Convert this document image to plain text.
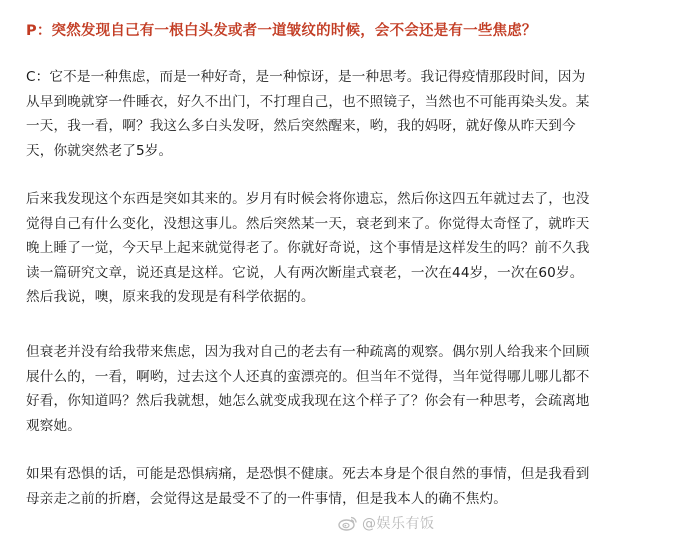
P：突然发现自己有一根白头发或者一道皱纹的时候，会不会还是有一些焦虑？
C：它不是一种焦虑，而是一种好奇，是一种惊讶，是一种思考。我记得疫情那段时间，因为
从早到晚就穿一件睡衣，好久不出门，不打理自己，也不照镜子，当然也不可能再染头发。某
一天，我一看，啊？我这么多白头发呀，然后突然醒来，哟，我的妈呀，就好像从昨天到今
天，你就突然老了5岁。
后来我发现这个东西是突如其来的。岁月有时候会将你遗忘，然后你这四五年就过去了，也没
觉得自己有什么变化，没想这事儿。然后突然某一天，衰老到来了。你觉得太奇怪了，就昨天
晚上睡了一觉，今天早上起来就觉得老了。你就好奇说，这个事情是这样发生的吗？前不久我
读一篇研究文章，说还真是这样。它说，人有两次断崖式衰老，一次在44岁，一次在60岁。
然后我说，噢，原来我的发现是有科学依据的。
但衰老并没有给我带来焦虑，因为我对自己的老去有一种疏离的观察。偶尔别人给我来个回顾
展什么的，一看，啊哟，过去这个人还真的蛮漂亮的。但当年不觉得，当年觉得哪儿哪儿都不
好看，你知道吗？然后我就想，她怎么就变成我现在这个样子了？你会有一种思考，会疏离地
观察她。
如果有恐惧的话，可能是恐惧病痛，是恐惧不健康。死去本身是个很自然的事情，但是我看到
母亲走之前的折磨，会觉得这是最受不了的一件事情，但是我本人的确不焦灼。
@娱乐有饭
